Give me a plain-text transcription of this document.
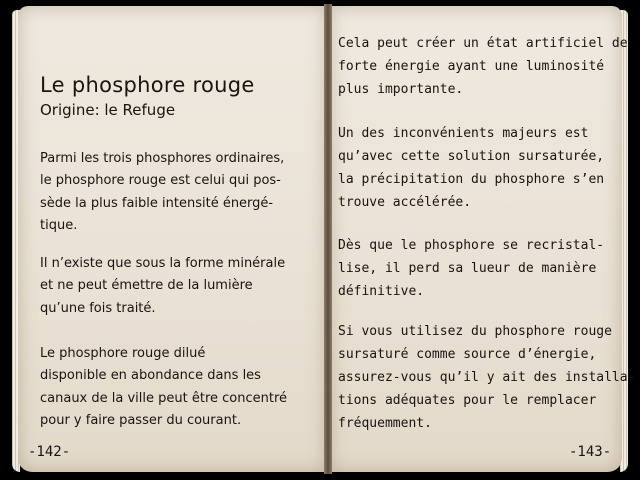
Le phosphore rouge
Origine: le Refuge
Parmi les trois phosphores ordinaires,
le phosphore rouge est celui qui pos-
sède la plus faible intensité énergé-
tique.
Il n’existe que sous la forme minérale
et ne peut émettre de la lumière
qu’une fois traité.
Le phosphore rouge dilué
disponible en abondance dans les
canaux de la ville peut être concentré
pour y faire passer du courant.
-142-
Cela peut créer un état artificiel de
forte énergie ayant une luminosité
plus importante.
Un des inconvénients majeurs est
qu’avec cette solution sursaturée,
la précipitation du phosphore s’en
trouve accélérée.
Dès que le phosphore se recristal-
lise, il perd sa lueur de manière
définitive.
Si vous utilisez du phosphore rouge
sursaturé comme source d’énergie,
assurez-vous qu’il y ait des installa-
tions adéquates pour le remplacer
fréquemment.
-143-
